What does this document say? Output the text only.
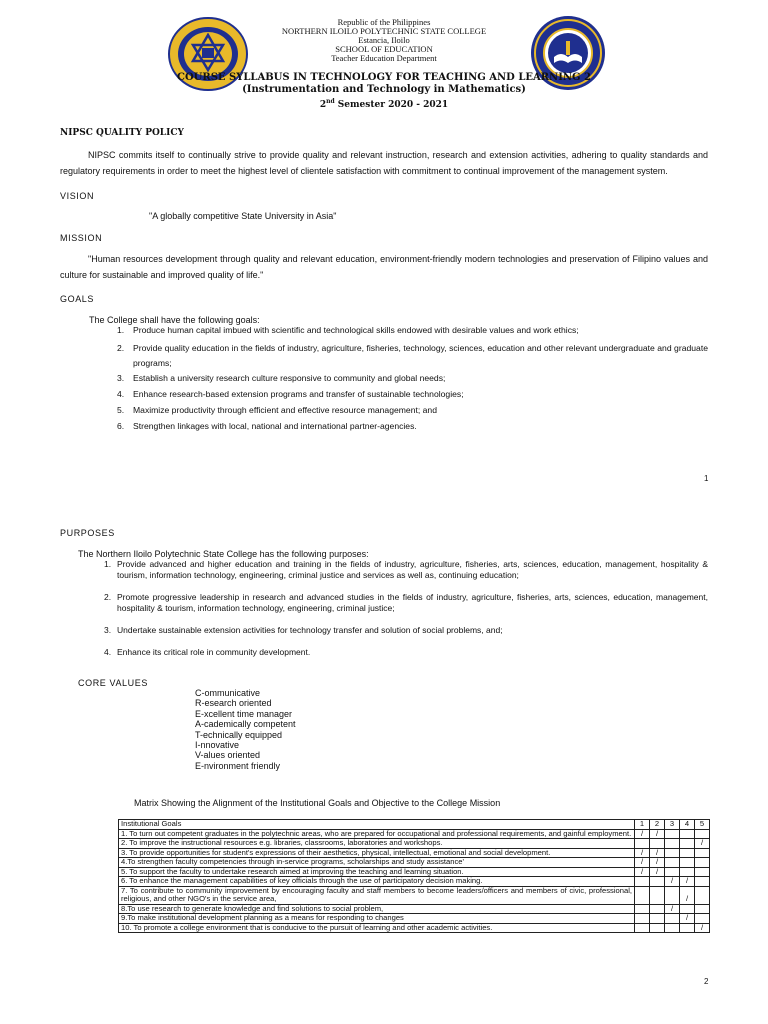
Republic of the Philippines
NORTHERN ILOILO POLYTECHNIC STATE COLLEGE
Estancia, Iloilo
SCHOOL OF EDUCATION
Teacher Education Department
COURSE SYLLABUS IN TECHNOLOGY FOR TEACHING AND LEARNING 2
(Instrumentation and Technology in Mathematics)
2nd Semester 2020 - 2021
NIPSC QUALITY POLICY
NIPSC commits itself to continually strive to provide quality and relevant instruction, research and extension activities, adhering to quality standards and regulatory requirements in order to meet the highest level of clientele satisfaction with commitment to continual improvement of the management system.
VISION
"A globally competitive State University in Asia"
MISSION
"Human resources development through quality and relevant education, environment-friendly modern technologies and preservation of Filipino values and culture for sustainable and improved quality of life."
GOALS
The College shall have the following goals:
1.	Produce human capital imbued with scientific and technological skills endowed with desirable values and work ethics;
2.	Provide quality education in the fields of industry, agriculture, fisheries, technology, sciences, education and other relevant undergraduate and graduate programs;
3.	Establish a university research culture responsive to community and global needs;
4.	Enhance research-based extension programs and transfer of sustainable technologies;
5.	Maximize productivity through efficient and effective resource management; and
6.	Strengthen linkages with local, national and international partner-agencies.
1
PURPOSES
The Northern Iloilo Polytechnic State College has the following purposes:
1. Provide advanced and higher education and training in the fields of industry, agriculture, fisheries, arts, sciences, education, management, hospitality & tourism, information technology, engineering, criminal justice and services as well as, continuing education;
2. Promote progressive leadership in research and advanced studies in the fields of industry, agriculture, fisheries, arts, sciences, education, management, hospitality & tourism, information technology, engineering, criminal justice;
3. Undertake sustainable extension activities for technology transfer and solution of social problems, and;
4. Enhance its critical role in community development.
CORE VALUES
C-ommunicative
R-esearch oriented
E-xcellent time manager
A-cademically competent
T-echnically equipped
I-nnovative
V-alues oriented
E-nvironment friendly
Matrix Showing the Alignment of the Institutional Goals and Objective to the College Mission
Institutional Goals	1	2	3	4	5
1. To turn out competent graduates in the polytechnic areas, who are prepared for occupational and professional requirements, and gainful employment.	/	/			
2. To improve the instructional resources e.g. libraries, classrooms, laboratories and workshops.					/
3. To provide opportunities for student's expressions of their aesthetics, physical, intellectual, emotional and social development.	/	/			
4.To strengthen faculty competencies through in-service programs, scholarships and study assistance'	/	/			
5. To support the faculty to undertake research aimed at improving the teaching and learning situation.	/	/			
6. To enhance the management capabilities of key officials through the use of participatory decision making.			/	/	
7. To contribute to community improvement by encouraging faculty and staff members to become leaders/officers and members of civic, professional, religious, and other NGO's in the service area,				/	
8.To use research to generate knowledge and find solutions to social problem,			/		
9.To make institutional development planning as a means for responding to changes				/	
10. To promote a college environment that is conducive to the pursuit of learning and other academic activities.					/
2
